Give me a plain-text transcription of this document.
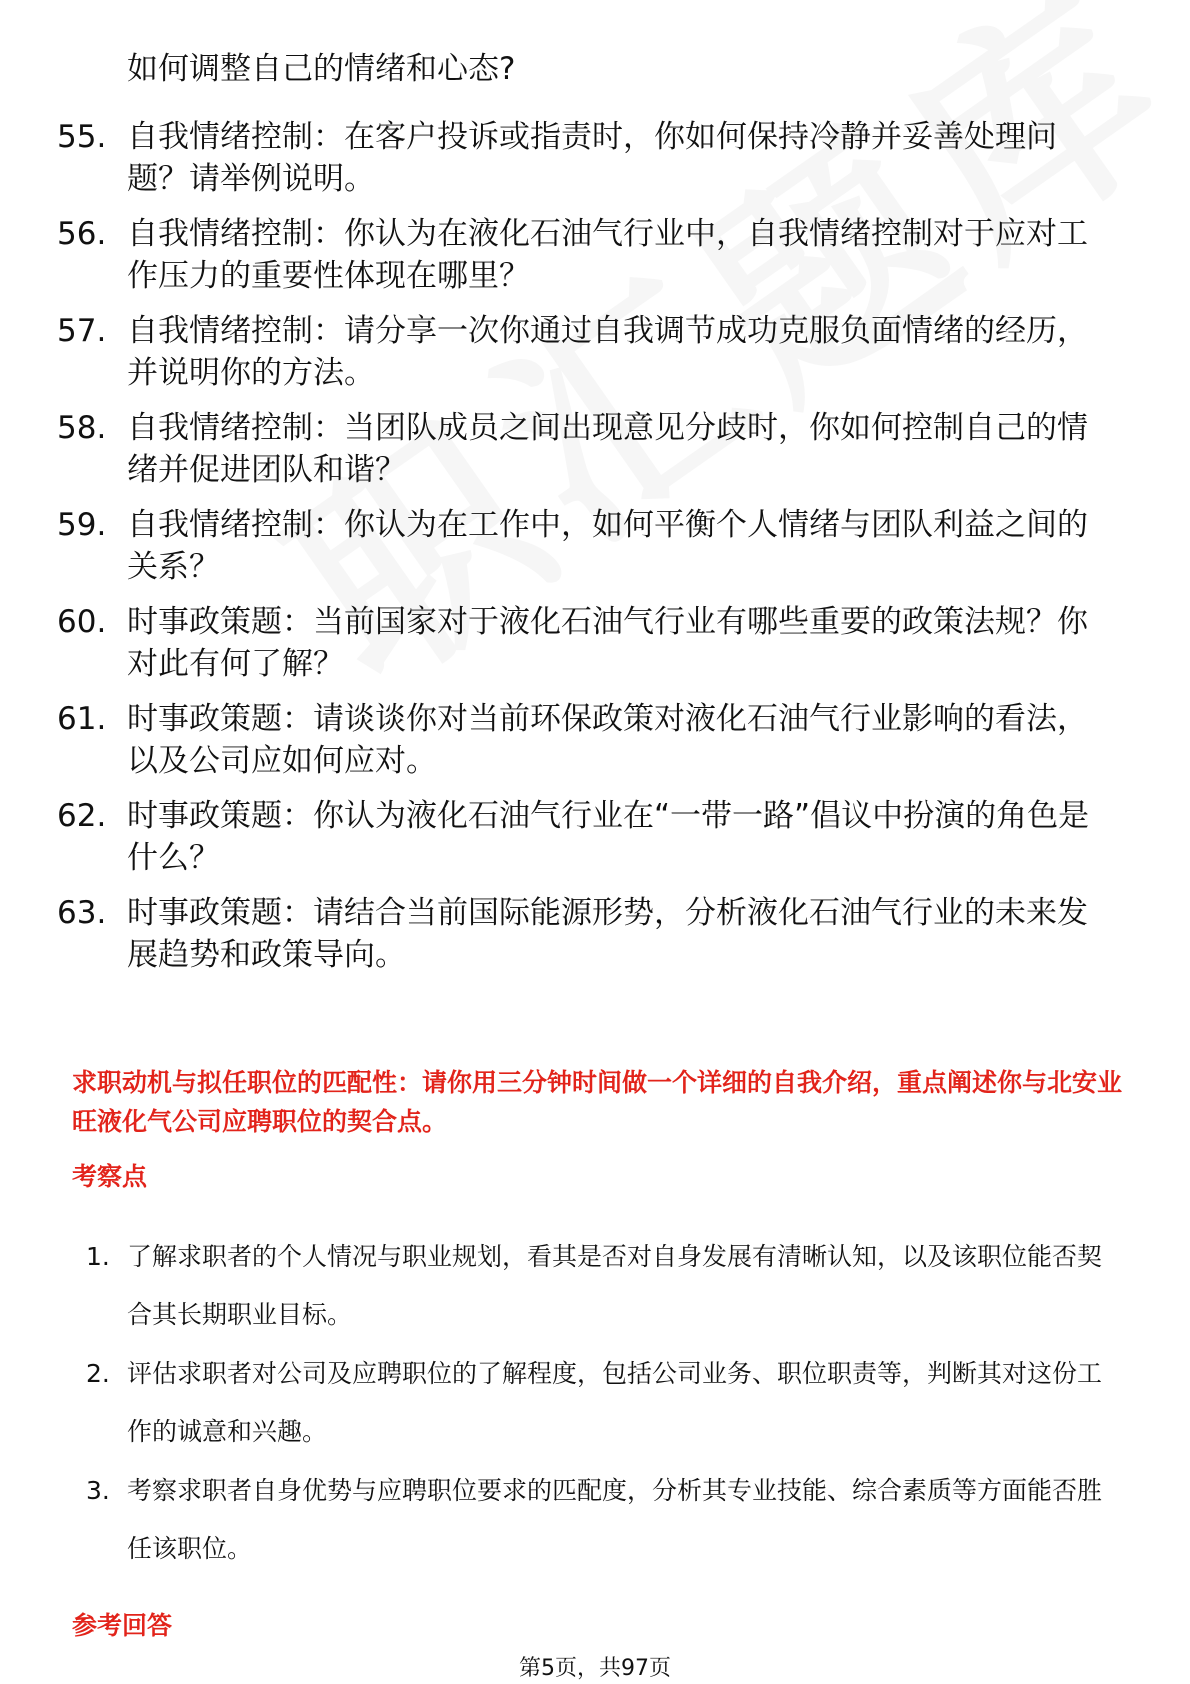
如何调整自己的情绪和心态?
55. 自我情绪控制：在客户投诉或指责时，你如何保持冷静并妥善处理问题？请举例说明。
56. 自我情绪控制：你认为在液化石油气行业中，自我情绪控制对于应对工作压力的重要性体现在哪里？
57. 自我情绪控制：请分享一次你通过自我调节成功克服负面情绪的经历，并说明你的方法。
58. 自我情绪控制：当团队成员之间出现意见分歧时，你如何控制自己的情绪并促进团队和谐？
59. 自我情绪控制：你认为在工作中，如何平衡个人情绪与团队利益之间的关系？
60. 时事政策题：当前国家对于液化石油气行业有哪些重要的政策法规？你对此有何了解？
61. 时事政策题：请谈谈你对当前环保政策对液化石油气行业影响的看法，以及公司应如何应对。
62. 时事政策题：你认为液化石油气行业在“一带一路”倡议中扮演的角色是什么？
63. 时事政策题：请结合当前国际能源形势，分析液化石油气行业的未来发展趋势和政策导向。
求职动机与拟任职位的匹配性：请你用三分钟时间做一个详细的自我介绍，重点阐述你与北安业旺液化气公司应聘职位的契合点。
考察点
1. 了解求职者的个人情况与职业规划，看其是否对自身发展有清晰认知，以及该职位能否契合其长期职业目标。
2. 评估求职者对公司及应聘职位的了解程度，包括公司业务、职位职责等，判断其对这份工作的诚意和兴趣。
3. 考察求职者自身优势与应聘职位要求的匹配度，分析其专业技能、综合素质等方面能否胜任该职位。
参考回答
第5页，共97页
